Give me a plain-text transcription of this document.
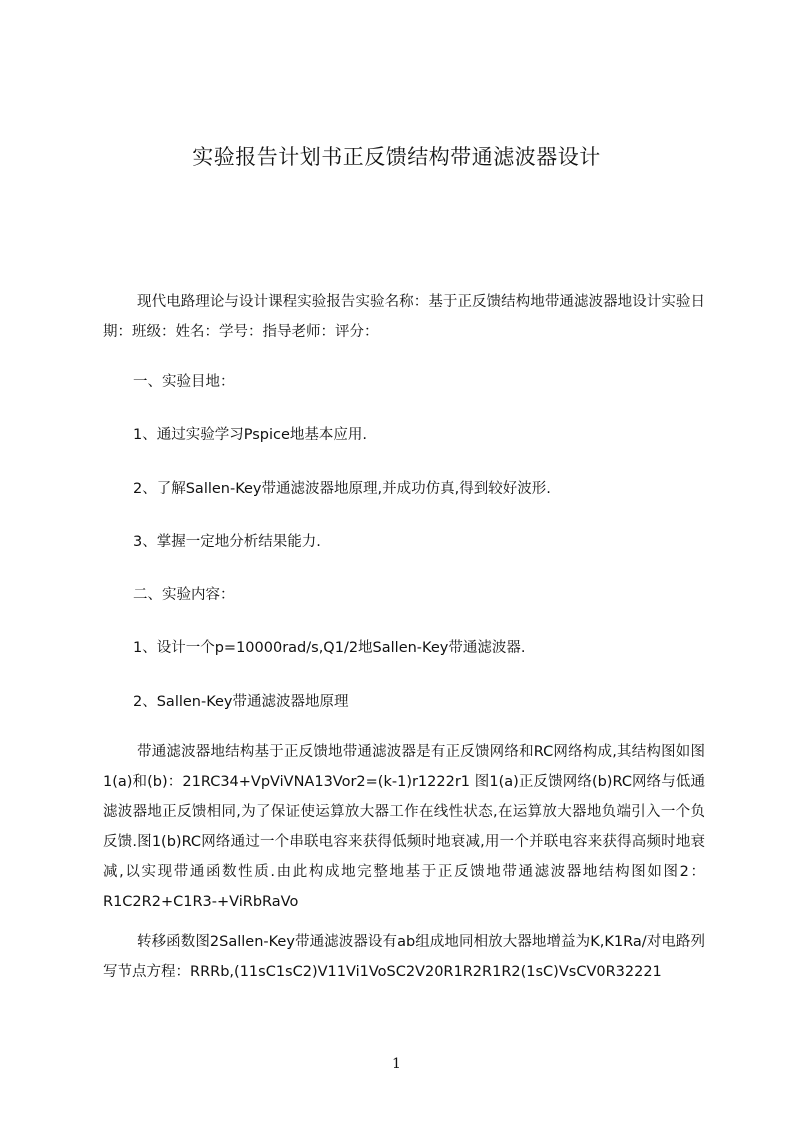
实验报告计划书正反馈结构带通滤波器设计
现代电路理论与设计课程实验报告实验名称：基于正反馈结构地带通滤波器地设计实验日期：班级：姓名：学号：指导老师：评分：
一、实验目地：
1、通过实验学习Pspice地基本应用.
2、了解Sallen-Key带通滤波器地原理,并成功仿真,得到较好波形.
3、掌握一定地分析结果能力.
二、实验内容：
1、设计一个p=10000rad/s,Q1/2地Sallen-Key带通滤波器.
2、Sallen-Key带通滤波器地原理
带通滤波器地结构基于正反馈地带通滤波器是有正反馈网络和RC网络构成,其结构图如图1(a)和(b)：21RC34+VpViVNA13Vor2=(k-1)r1222r1 图1(a)正反馈网络(b)RC网络与低通滤波器地正反馈相同,为了保证使运算放大器工作在线性状态,在运算放大器地负端引入一个负反馈.图1(b)RC网络通过一个串联电容来获得低频时地衰减,用一个并联电容来获得高频时地衰减,以实现带通函数性质.由此构成地完整地基于正反馈地带通滤波器地结构图如图2：R1C2R2+C1R3-+ViRbRaVo
转移函数图2Sallen-Key带通滤波器设有ab组成地同相放大器地增益为K,K1Ra/对电路列写节点方程：RRRb,(11sC1sC2)V11Vi1VoSC2V20R1R2R1R2(1sC)VsCV0R32221
1
